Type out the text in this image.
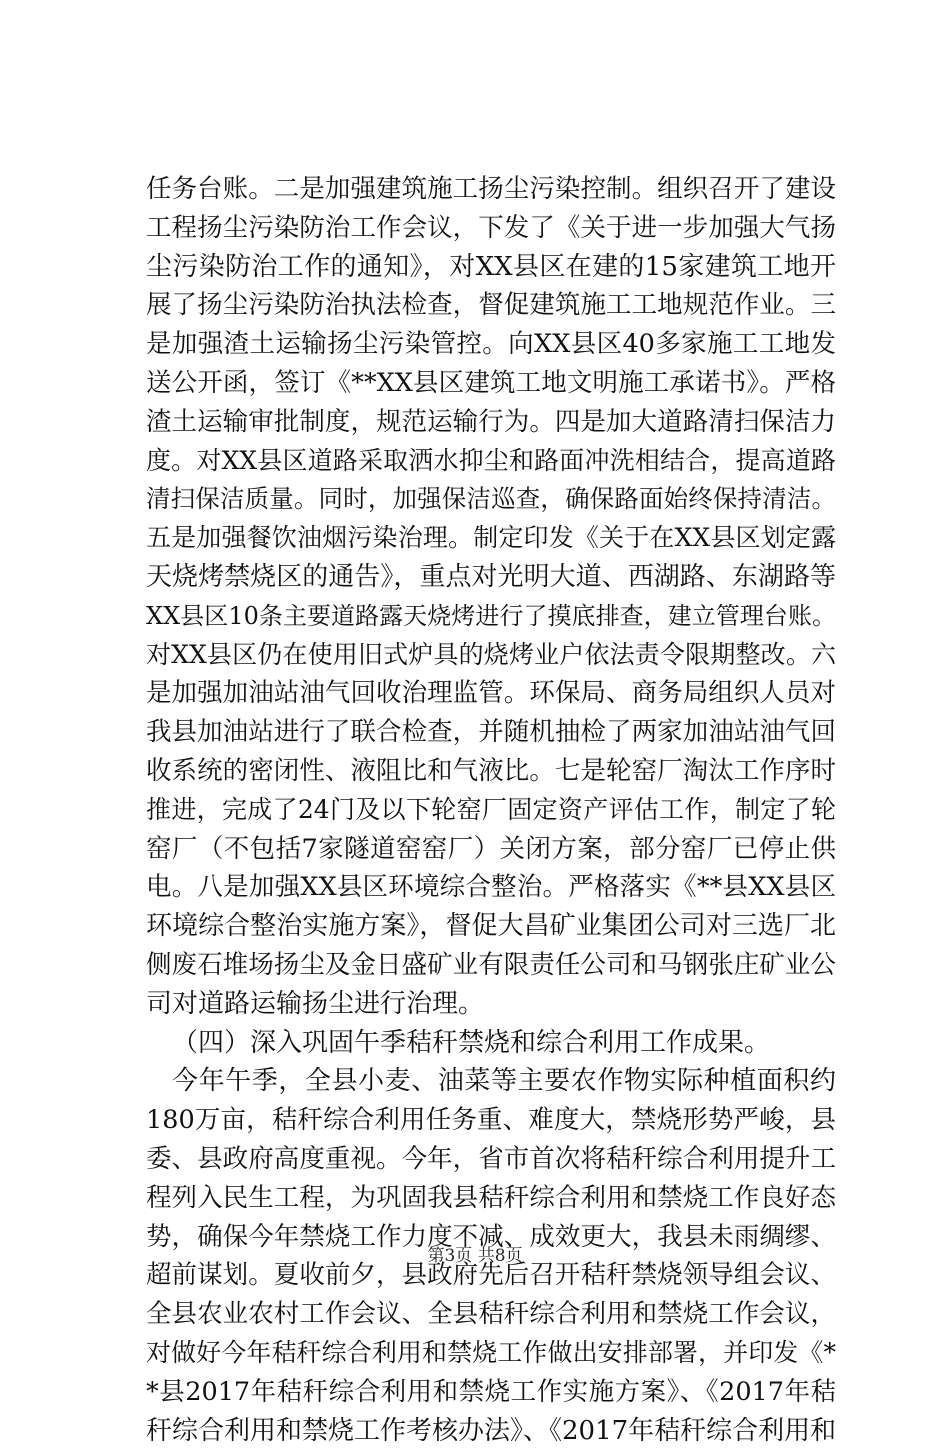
任务台账。二是加强建筑施工扬尘污染控制。组织召开了建设
工程扬尘污染防治工作会议，下发了《关于进一步加强大气扬
尘污染防治工作的通知》，对XX县区在建的15家建筑工地开
展了扬尘污染防治执法检查，督促建筑施工工地规范作业。三
是加强渣土运输扬尘污染管控。向XX县区40多家施工工地发
送公开函，签订《**XX县区建筑工地文明施工承诺书》。严格
渣土运输审批制度，规范运输行为。四是加大道路清扫保洁力
度。对XX县区道路采取洒水抑尘和路面冲洗相结合，提高道路
清扫保洁质量。同时，加强保洁巡查，确保路面始终保持清洁。
五是加强餐饮油烟污染治理。制定印发《关于在XX县区划定露
天烧烤禁烧区的通告》，重点对光明大道、西湖路、东湖路等
XX县区10条主要道路露天烧烤进行了摸底排查，建立管理台账。
对XX县区仍在使用旧式炉具的烧烤业户依法责令限期整改。六
是加强加油站油气回收治理监管。环保局、商务局组织人员对
我县加油站进行了联合检查，并随机抽检了两家加油站油气回
收系统的密闭性、液阻比和气液比。七是轮窑厂淘汰工作序时
推进，完成了24门及以下轮窑厂固定资产评估工作，制定了轮
窑厂（不包括7家隧道窑窑厂）关闭方案，部分窑厂已停止供
电。八是加强XX县区环境综合整治。严格落实《**县XX县区
环境综合整治实施方案》，督促大昌矿业集团公司对三选厂北
侧废石堆场扬尘及金日盛矿业有限责任公司和马钢张庄矿业公
司对道路运输扬尘进行治理。
（四）深入巩固午季秸秆禁烧和综合利用工作成果。
今年午季，全县小麦、油菜等主要农作物实际种植面积约
180万亩，秸秆综合利用任务重、难度大，禁烧形势严峻，县
委、县政府高度重视。今年，省市首次将秸秆综合利用提升工
程列入民生工程，为巩固我县秸秆综合利用和禁烧工作良好态
势，确保今年禁烧工作力度不减、成效更大，我县未雨绸缪、
超前谋划。夏收前夕，县政府先后召开秸秆禁烧领导组会议、
全县农业农村工作会议、全县秸秆综合利用和禁烧工作会议，
对做好今年秸秆综合利用和禁烧工作做出安排部署，并印发《*
*县2017年秸秆综合利用和禁烧工作实施方案》、《2017年秸
秆综合利用和禁烧工作考核办法》、《2017年秸秆综合利用和
第3页 共8页
